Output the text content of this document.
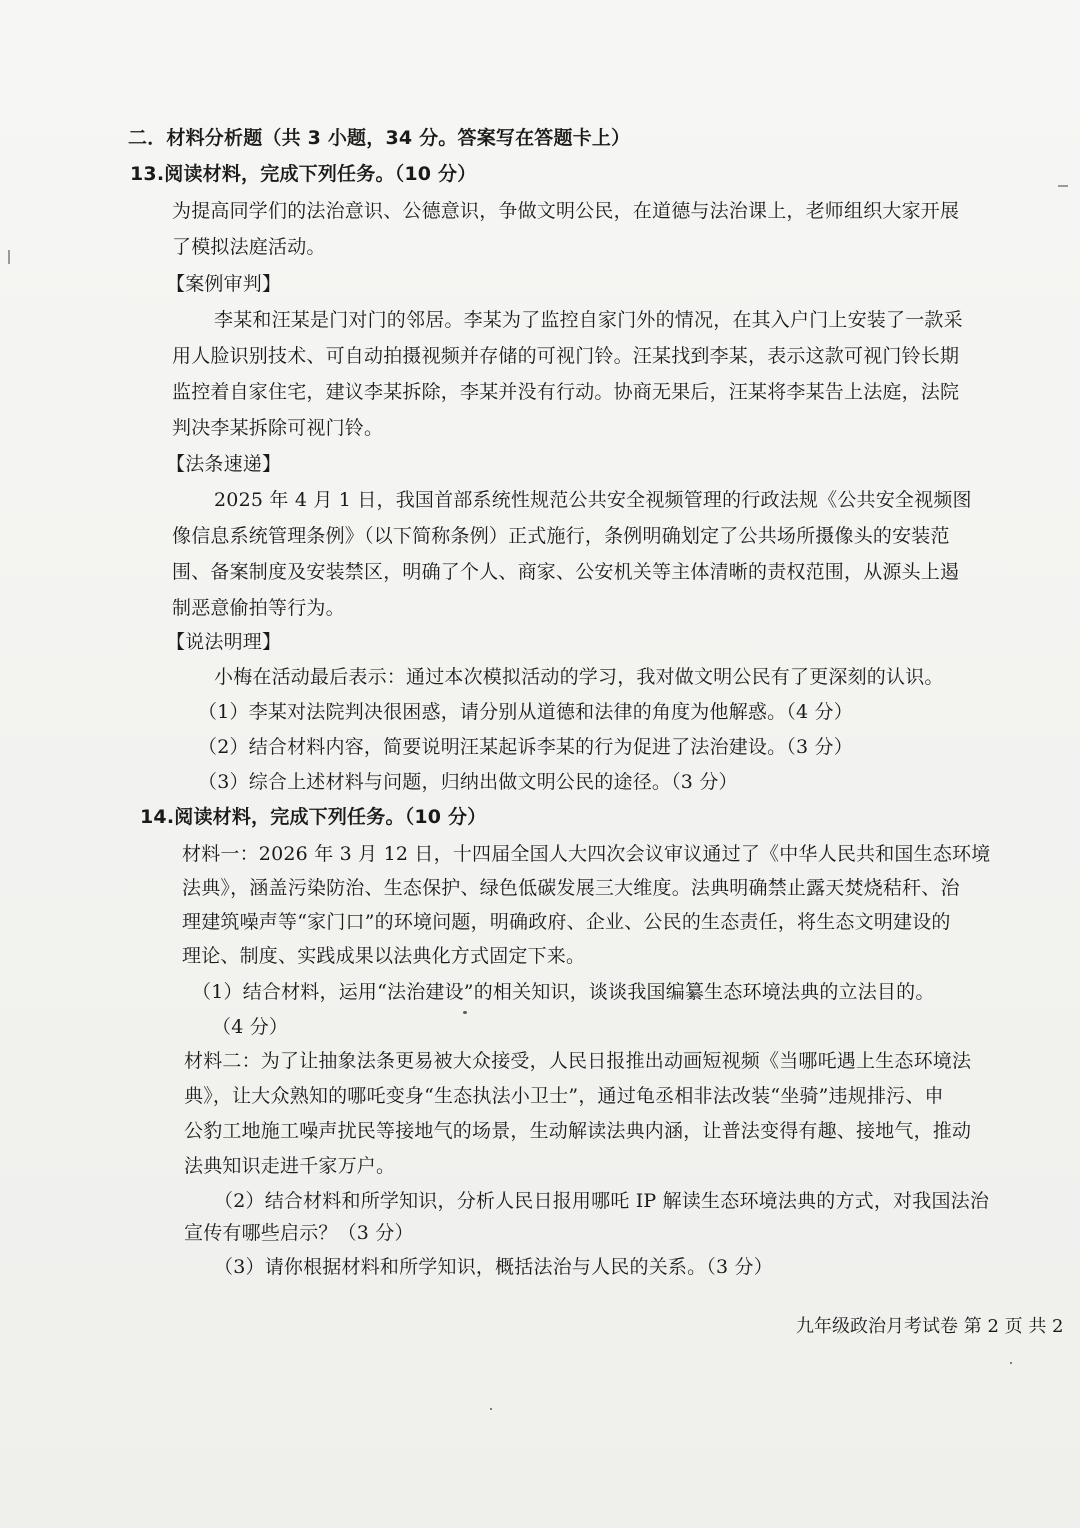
二．材料分析题（共 3 小题，34 分。答案写在答题卡上）
13.阅读材料，完成下列任务。（10 分）
为提高同学们的法治意识、公德意识，争做文明公民，在道德与法治课上，老师组织大家开展
了模拟法庭活动。
【案例审判】
李某和汪某是门对门的邻居。李某为了监控自家门外的情况，在其入户门上安装了一款采
用人脸识别技术、可自动拍摄视频并存储的可视门铃。汪某找到李某，表示这款可视门铃长期
监控着自家住宅，建议李某拆除，李某并没有行动。协商无果后，汪某将李某告上法庭，法院
判决李某拆除可视门铃。
【法条速递】
2025 年 4 月 1 日，我国首部系统性规范公共安全视频管理的行政法规《公共安全视频图
像信息系统管理条例》（以下简称条例）正式施行，条例明确划定了公共场所摄像头的安装范
围、备案制度及安装禁区，明确了个人、商家、公安机关等主体清晰的责权范围，从源头上遏
制恶意偷拍等行为。
【说法明理】
小梅在活动最后表示：通过本次模拟活动的学习，我对做文明公民有了更深刻的认识。
（1）李某对法院判决很困惑，请分别从道德和法律的角度为他解惑。（4 分）
（2）结合材料内容，简要说明汪某起诉李某的行为促进了法治建设。（3 分）
（3）综合上述材料与问题，归纳出做文明公民的途径。（3 分）
14.阅读材料，完成下列任务。（10 分）
材料一：2026 年 3 月 12 日，十四届全国人大四次会议审议通过了《中华人民共和国生态环境
法典》，涵盖污染防治、生态保护、绿色低碳发展三大维度。法典明确禁止露天焚烧秸秆、治
理建筑噪声等“家门口”的环境问题，明确政府、企业、公民的生态责任，将生态文明建设的
理论、制度、实践成果以法典化方式固定下来。
（1）结合材料，运用“法治建设”的相关知识，谈谈我国编纂生态环境法典的立法目的。
（4 分）
材料二：为了让抽象法条更易被大众接受，人民日报推出动画短视频《当哪吒遇上生态环境法
典》，让大众熟知的哪吒变身“生态执法小卫士”，通过龟丞相非法改装“坐骑”违规排污、申
公豹工地施工噪声扰民等接地气的场景，生动解读法典内涵，让普法变得有趣、接地气，推动
法典知识走进千家万户。
（2）结合材料和所学知识，分析人民日报用哪吒 IP 解读生态环境法典的方式，对我国法治
宣传有哪些启示？（3 分）
（3）请你根据材料和所学知识，概括法治与人民的关系。（3 分）
九年级政治月考试卷 第 2 页 共 2
